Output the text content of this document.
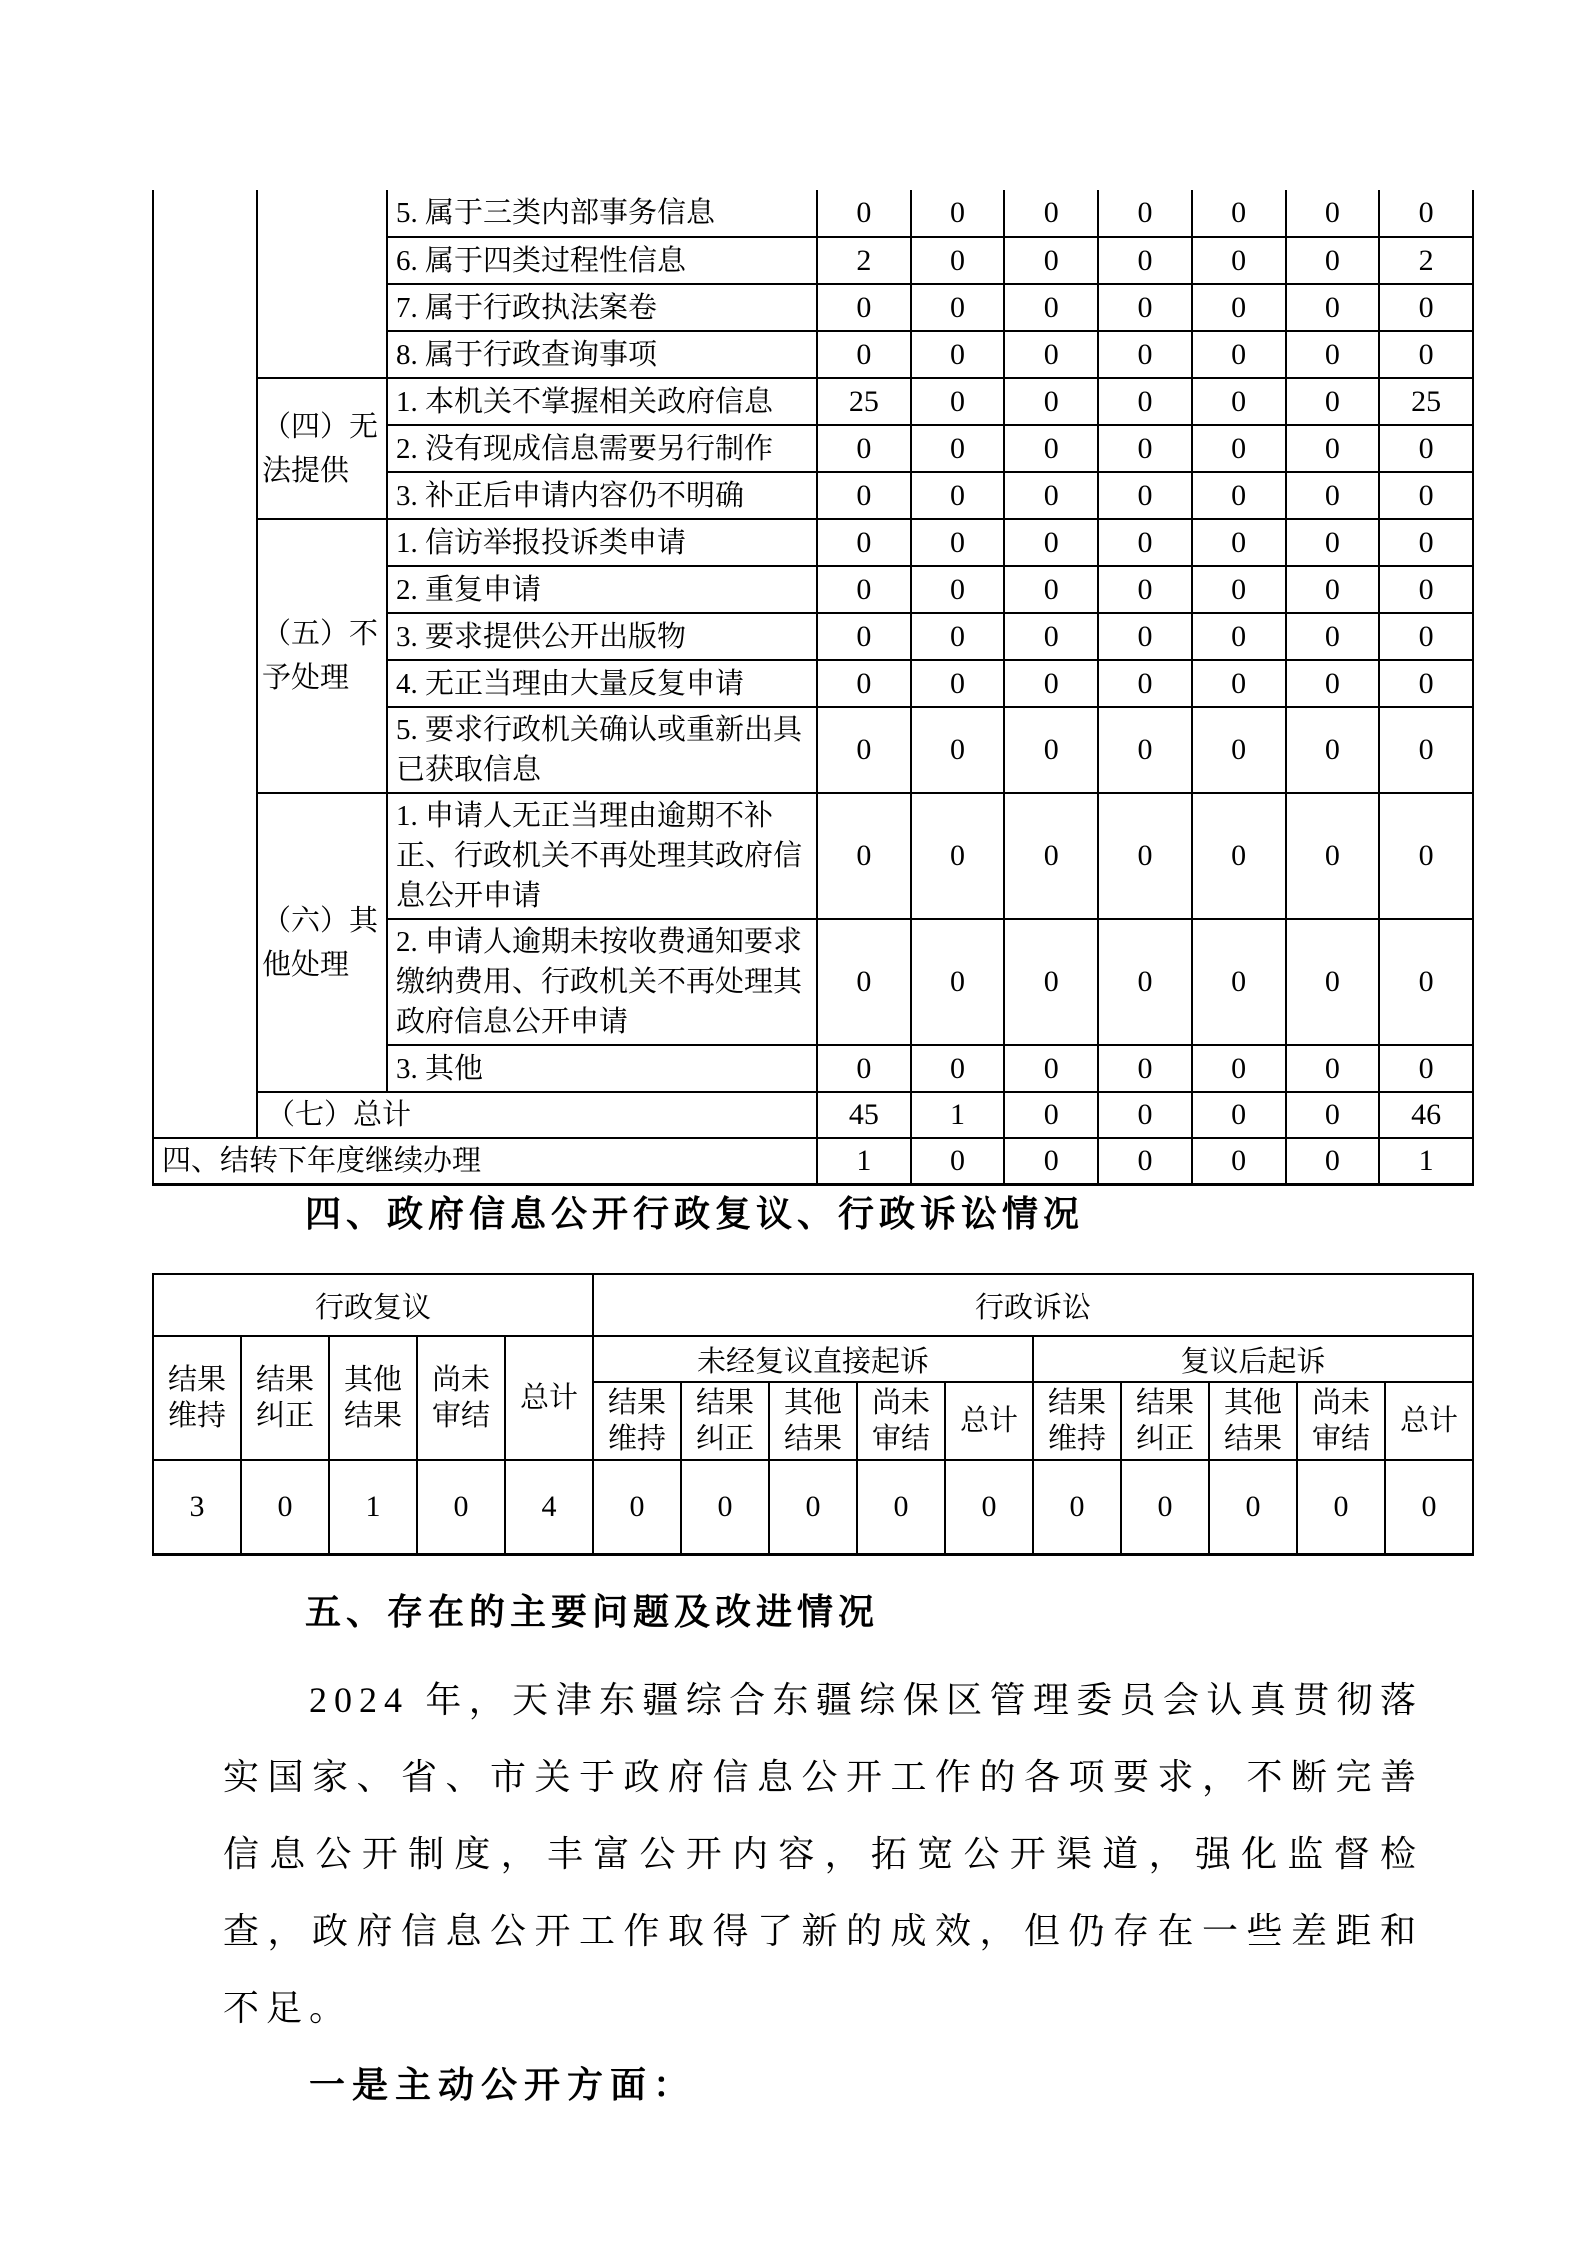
		5. 属于三类内部事务信息	0	0	0	0	0	0	0
		6. 属于四类过程性信息	2	0	0	0	0	0	2
		7. 属于行政执法案卷	0	0	0	0	0	0	0
		8. 属于行政查询事项	0	0	0	0	0	0	0
	（四）无法提供	1. 本机关不掌握相关政府信息	25	0	0	0	0	0	25
		2. 没有现成信息需要另行制作	0	0	0	0	0	0	0
		3. 补正后申请内容仍不明确	0	0	0	0	0	0	0
	（五）不予处理	1. 信访举报投诉类申请	0	0	0	0	0	0	0
		2. 重复申请	0	0	0	0	0	0	0
		3. 要求提供公开出版物	0	0	0	0	0	0	0
		4. 无正当理由大量反复申请	0	0	0	0	0	0	0
		5. 要求行政机关确认或重新出具已获取信息	0	0	0	0	0	0	0
	（六）其他处理	1. 申请人无正当理由逾期不补正、行政机关不再处理其政府信息公开申请	0	0	0	0	0	0	0
		2. 申请人逾期未按收费通知要求缴纳费用、行政机关不再处理其政府信息公开申请	0	0	0	0	0	0	0
		3. 其他	0	0	0	0	0	0	0
	（七）总计		45	1	0	0	0	0	46
四、结转下年度继续办理			1	0	0	0	0	0	1
四、政府信息公开行政复议、行政诉讼情况
行政复议					行政诉讼									
结果维持	结果纠正	其他结果	尚未审结	总计	未经复议直接起诉					复议后起诉				
					结果维持	结果纠正	其他结果	尚未审结	总计	结果维持	结果纠正	其他结果	尚未审结	总计
3	0	1	0	4	0	0	0	0	0	0	0	0	0	0
五、存在的主要问题及改进情况

2024 年，天津东疆综合东疆综保区管理委员会认真贯彻落实国家、省、市关于政府信息公开工作的各项要求，不断完善信息公开制度，丰富公开内容，拓宽公开渠道，强化监督检查，政府信息公开工作取得了新的成效，但仍存在一些差距和不足。

一是主动公开方面：
